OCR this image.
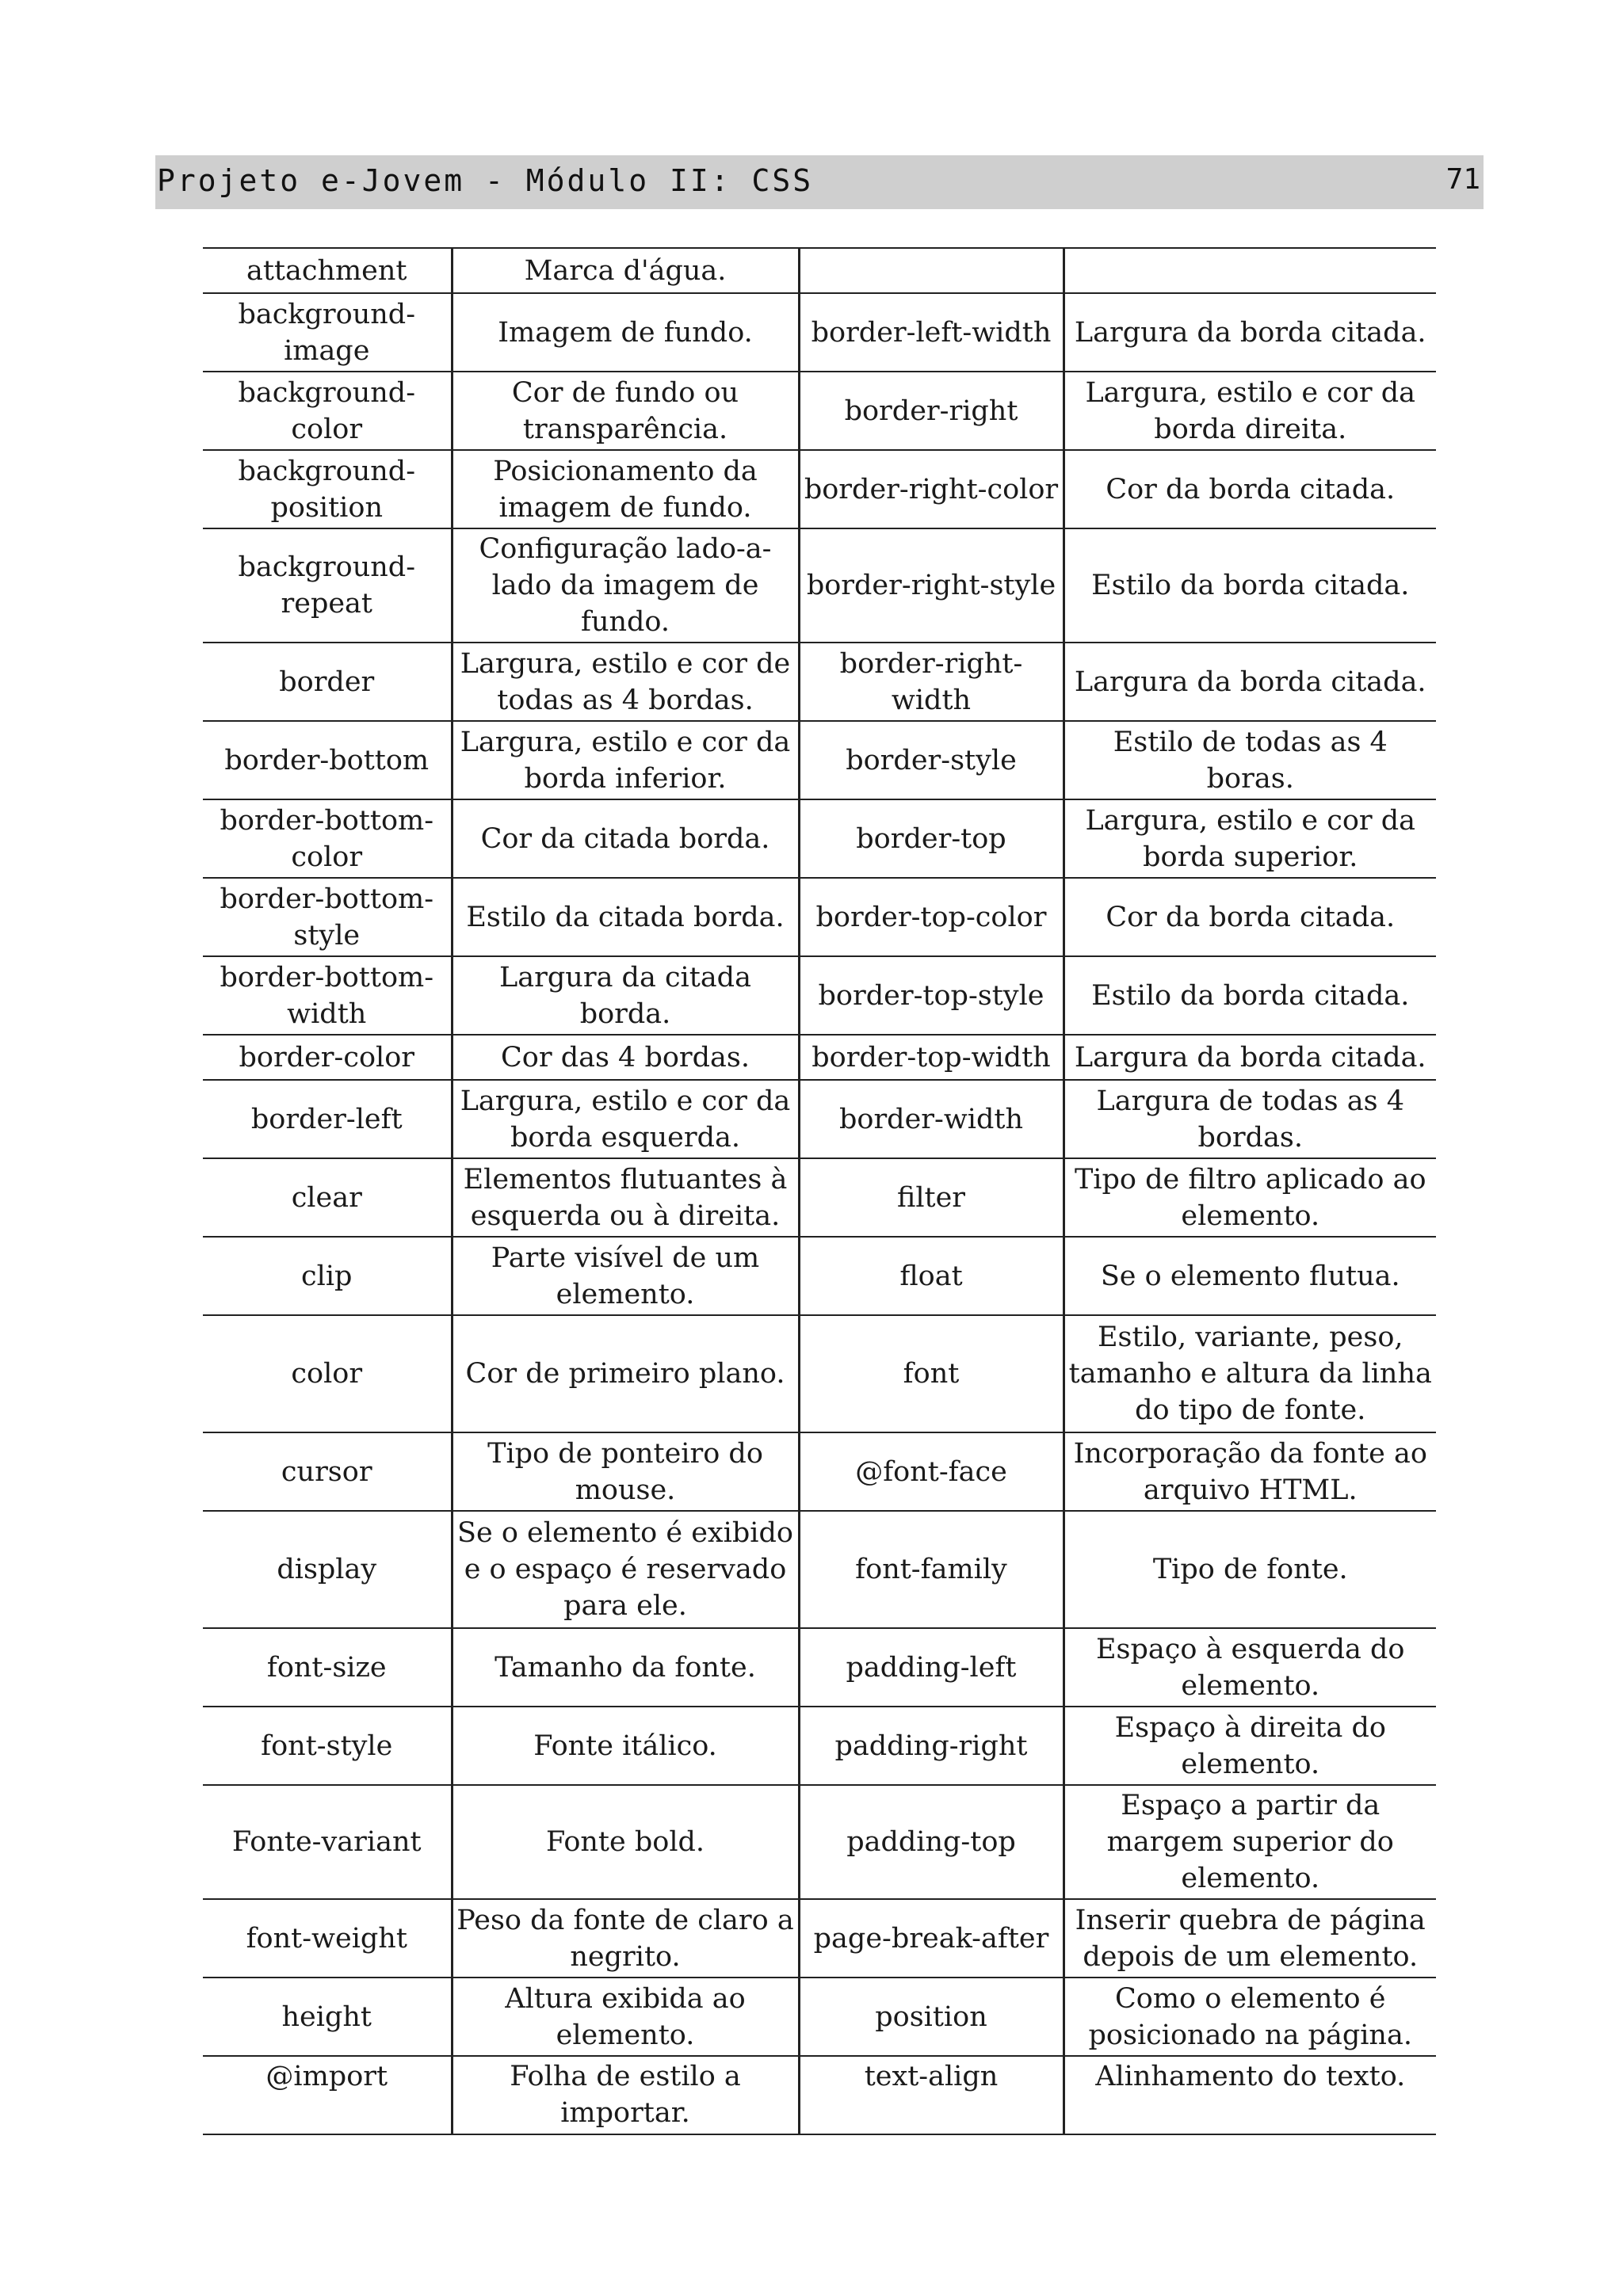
Projeto e-Jovem - Módulo II: CSS	71
attachment	Marca d'água.		
background-image	Imagem de fundo.	border-left-width	Largura da borda citada.
background-color	Cor de fundo ou transparência.	border-right	Largura, estilo e cor da borda direita.
background-position	Posicionamento da imagem de fundo.	border-right-color	Cor da borda citada.
background-repeat	Configuração lado-a-lado da imagem de fundo.	border-right-style	Estilo da borda citada.
border	Largura, estilo e cor de todas as 4 bordas.	border-right-width	Largura da borda citada.
border-bottom	Largura, estilo e cor da borda inferior.	border-style	Estilo de todas as 4 boras.
border-bottom-color	Cor da citada borda.	border-top	Largura, estilo e cor da borda superior.
border-bottom-style	Estilo da citada borda.	border-top-color	Cor da borda citada.
border-bottom-width	Largura da citada borda.	border-top-style	Estilo da borda citada.
border-color	Cor das 4 bordas.	border-top-width	Largura da borda citada.
border-left	Largura, estilo e cor da borda esquerda.	border-width	Largura de todas as 4 bordas.
clear	Elementos flutuantes à esquerda ou à direita.	filter	Tipo de filtro aplicado ao elemento.
clip	Parte visível de um elemento.	float	Se o elemento flutua.
color	Cor de primeiro plano.	font	Estilo, variante, peso, tamanho e altura da linha do tipo de fonte.
cursor	Tipo de ponteiro do mouse.	@font-face	Incorporação da fonte ao arquivo HTML.
display	Se o elemento é exibido e o espaço é reservado para ele.	font-family	Tipo de fonte.
font-size	Tamanho da fonte.	padding-left	Espaço à esquerda do elemento.
font-style	Fonte itálico.	padding-right	Espaço à direita do elemento.
Fonte-variant	Fonte bold.	padding-top	Espaço a partir da margem superior do elemento.
font-weight	Peso da fonte de claro a negrito.	page-break-after	Inserir quebra de página depois de um elemento.
height	Altura exibida ao elemento.	position	Como o elemento é posicionado na página.
@import	Folha de estilo a importar.	text-align	Alinhamento do texto.
